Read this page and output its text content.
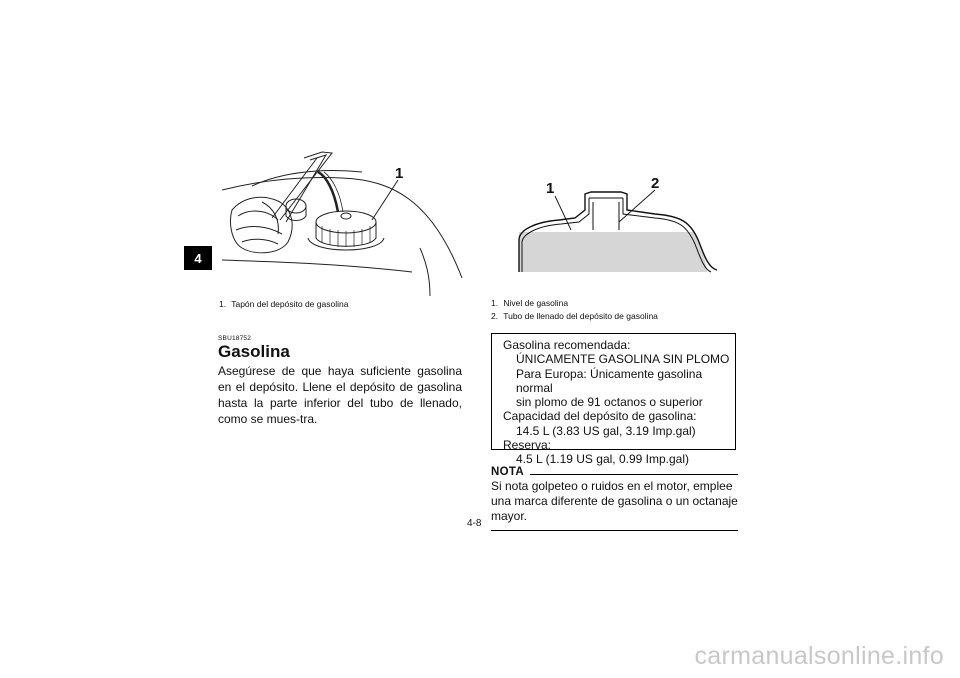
4
1
1	2
1. Tapón del depósito de gasolina	1. Nivel de gasolina
2. Tubo de llenado del depósito de gasolina
SBU18752
Gasolina
Asegúrese de que haya suficiente gasolina en el depósito. Llene el depósito de gasolina hasta la parte inferior del tubo de llenado, como se mues-tra.
Gasolina recomendada:
ÚNICAMENTE GASOLINA SIN PLOMO
Para Europa: Únicamente gasolina normal
sin plomo de 91 octanos o superior
Capacidad del depósito de gasolina:
14.5 L (3.83 US gal, 3.19 Imp.gal)
Reserva:
4.5 L (1.19 US gal, 0.99 Imp.gal)
NOTA
Si nota golpeteo o ruidos en el motor, emplee una marca diferente de gasolina o un octanaje mayor.
4-8
carmanualsonline.info
